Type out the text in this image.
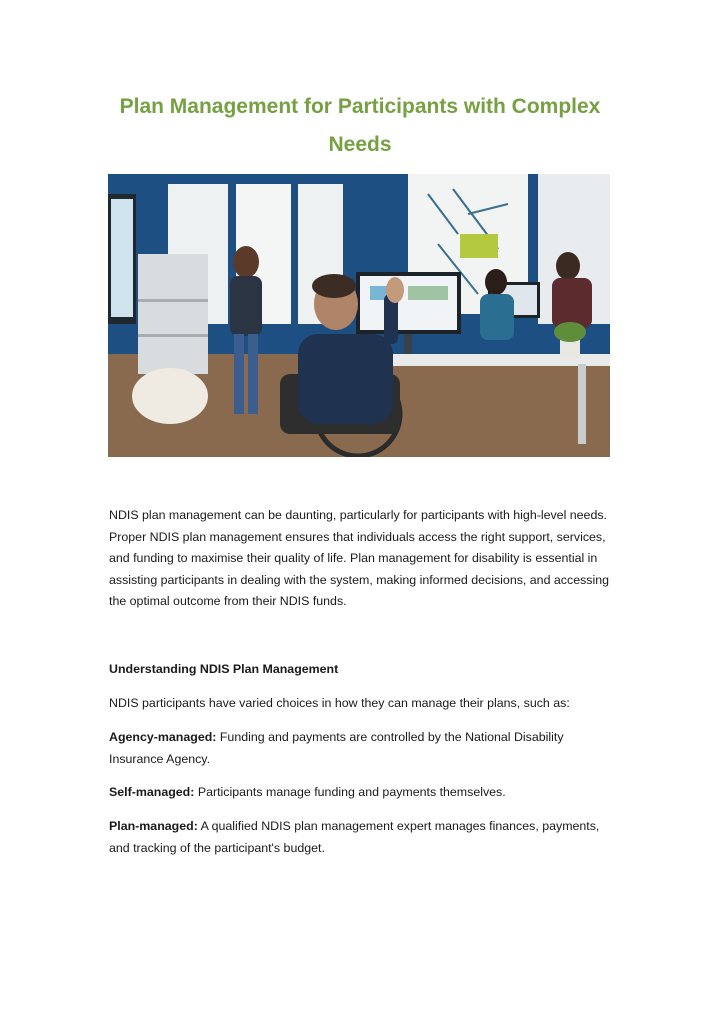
Plan Management for Participants with Complex Needs

NDIS plan management can be daunting, particularly for participants with high-level needs. Proper NDIS plan management ensures that individuals access the right support, services, and funding to maximise their quality of life. Plan management for disability is essential in assisting participants in dealing with the system, making informed decisions, and accessing the optimal outcome from their NDIS funds.

Understanding NDIS Plan Management

NDIS participants have varied choices in how they can manage their plans, such as:

Agency-managed: Funding and payments are controlled by the National Disability Insurance Agency.

Self-managed: Participants manage funding and payments themselves.

Plan-managed: A qualified NDIS plan management expert manages finances, payments, and tracking of the participant's budget.
